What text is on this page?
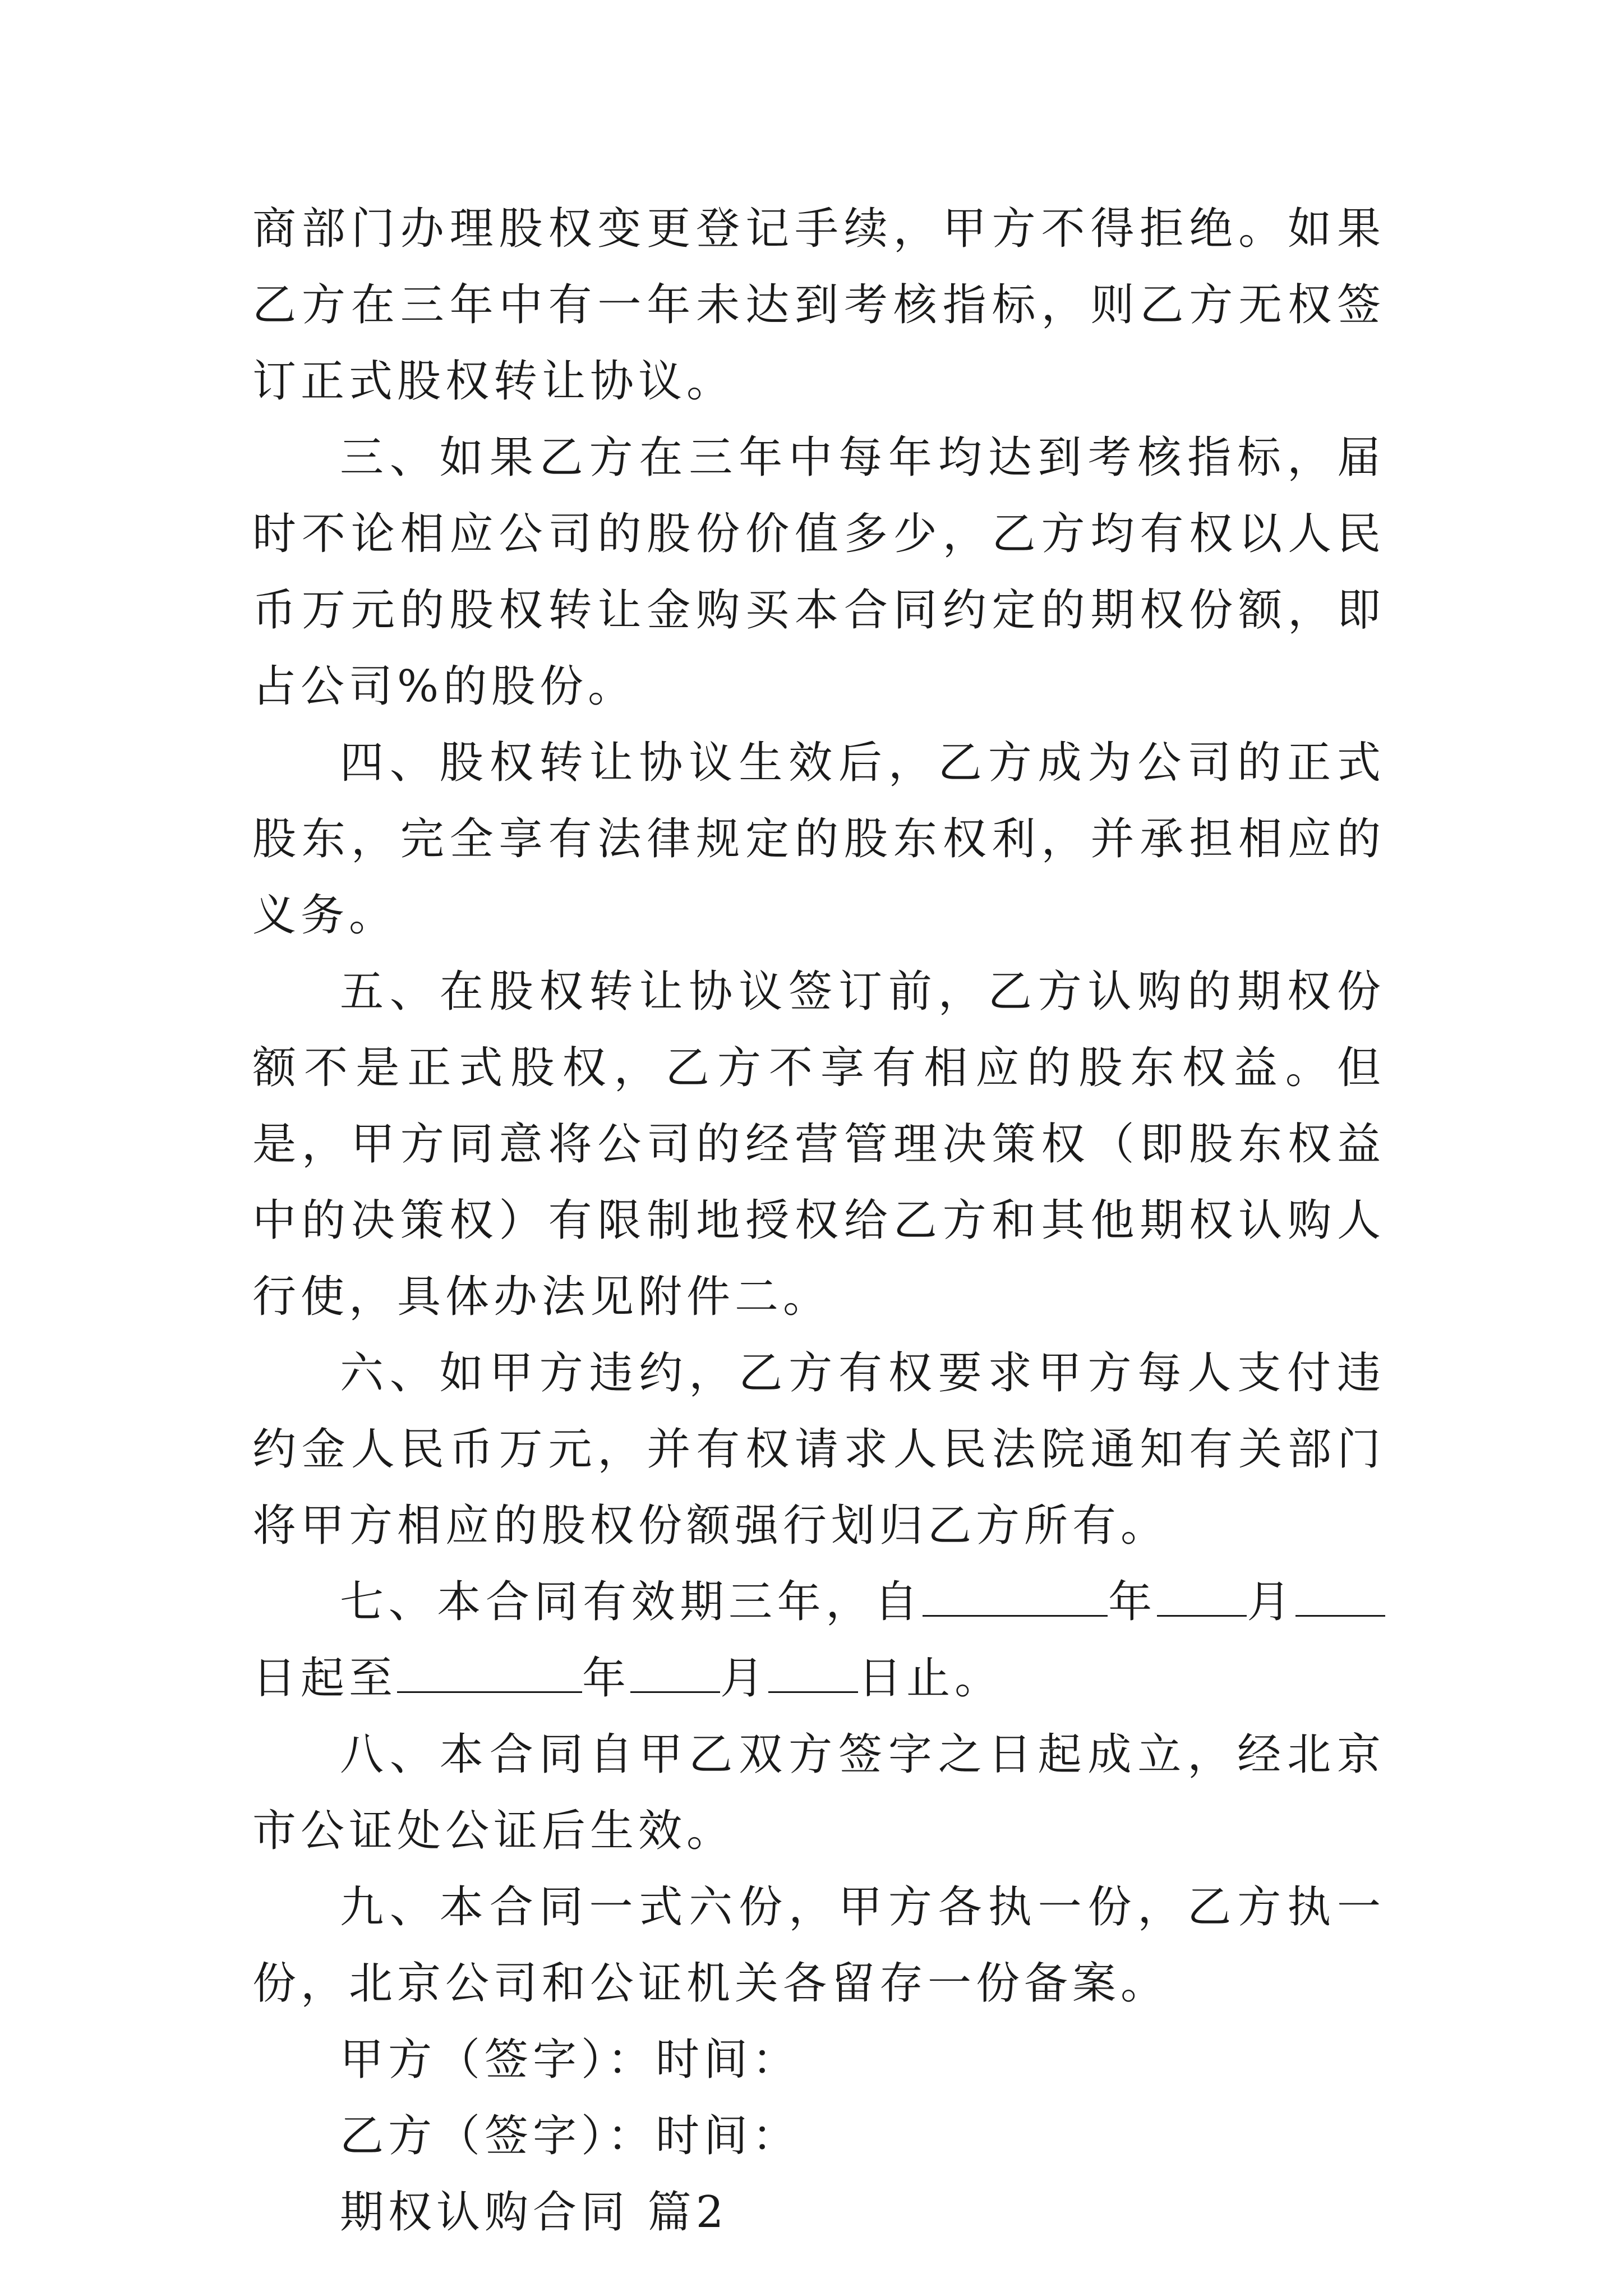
商部门办理股权变更登记手续，甲方不得拒绝。如果乙方在三年中有一年未达到考核指标，则乙方无权签订正式股权转让协议。

三、如果乙方在三年中每年均达到考核指标，届时不论相应公司的股份价值多少，乙方均有权以人民币万元的股权转让金购买本合同约定的期权份额，即占公司%的股份。

四、股权转让协议生效后，乙方成为公司的正式股东，完全享有法律规定的股东权利，并承担相应的义务。

五、在股权转让协议签订前，乙方认购的期权份额不是正式股权，乙方不享有相应的股东权益。但是，甲方同意将公司的经营管理决策权（即股东权益中的决策权）有限制地授权给乙方和其他期权认购人行使，具体办法见附件二。

六、如甲方违约，乙方有权要求甲方每人支付违约金人民币万元，并有权请求人民法院通知有关部门将甲方相应的股权份额强行划归乙方所有。

七、本合同有效期三年，自	年 月日起至	年 月 日止。

八、本合同自甲乙双方签字之日起成立，经北京市公证处公证后生效。

九、本合同一式六份，甲方各执一份，乙方执一份，北京公司和公证机关各留存一份备案。

甲方（签字）：时间：

乙方（签字）：时间：

期权认购合同 篇2
